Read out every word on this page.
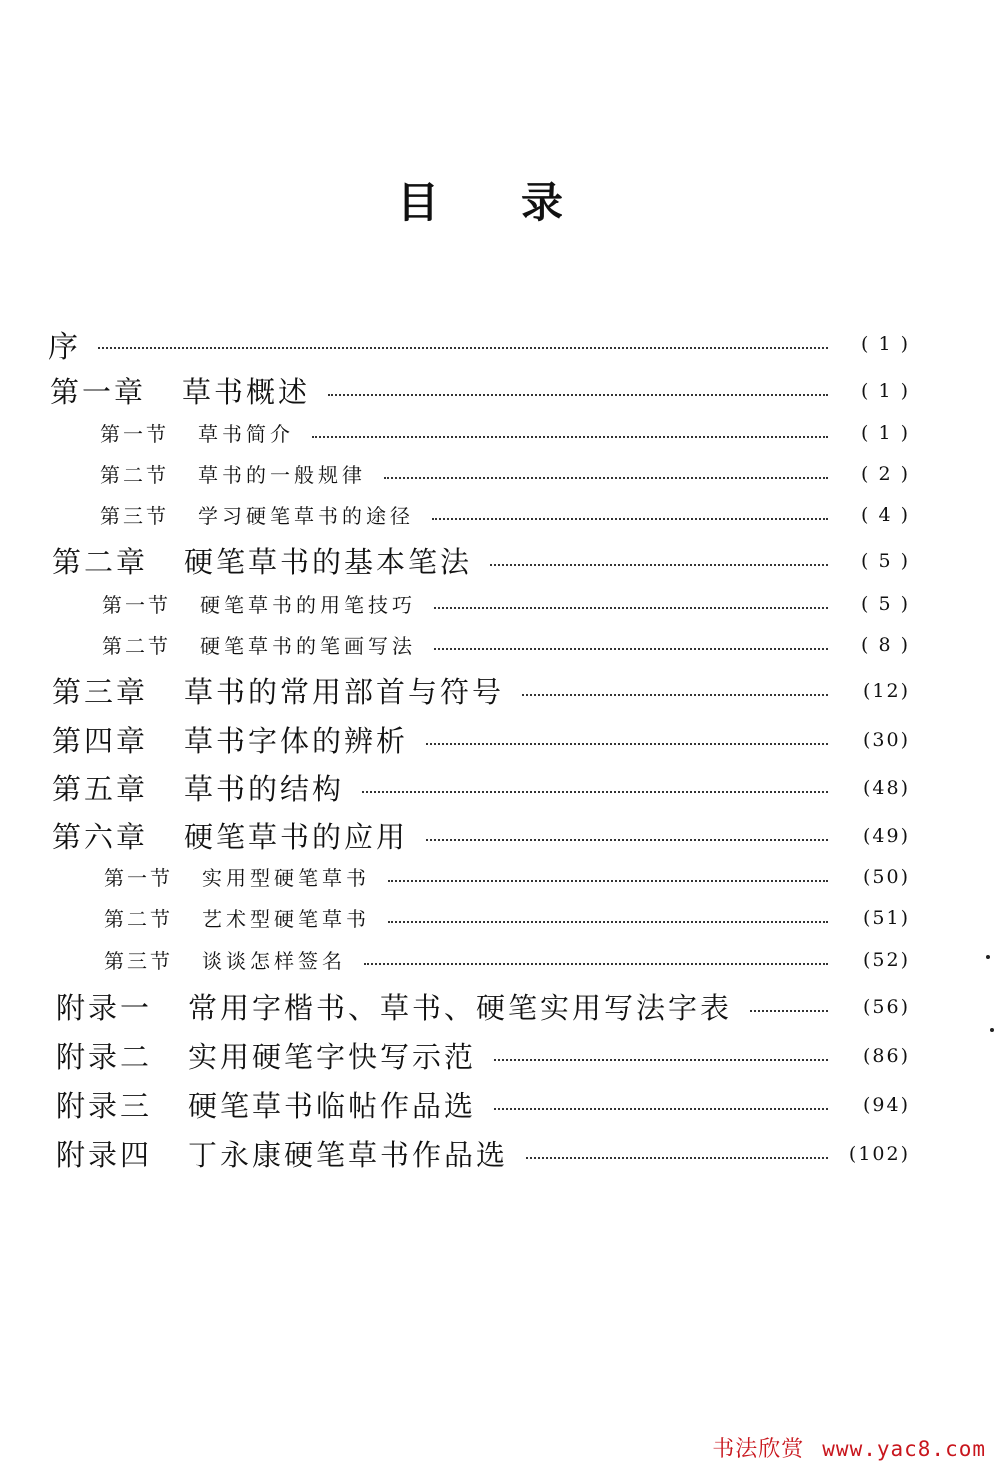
目录
序	( 1 )
第一章	草书概述	( 1 )
第一节	草书简介	( 1 )
第二节	草书的一般规律	( 2 )
第三节	学习硬笔草书的途径	( 4 )
第二章	硬笔草书的基本笔法	( 5 )
第一节	硬笔草书的用笔技巧	( 5 )
第二节	硬笔草书的笔画写法	( 8 )
第三章	草书的常用部首与符号	(12)
第四章	草书字体的辨析	(30)
第五章	草书的结构	(48)
第六章	硬笔草书的应用	(49)
第一节	实用型硬笔草书	(50)
第二节	艺术型硬笔草书	(51)
第三节	谈谈怎样签名	(52)
附录一	常用字楷书、草书、硬笔实用写法字表	(56)
附录二	实用硬笔字快写示范	(86)
附录三	硬笔草书临帖作品选	(94)
附录四	丁永康硬笔草书作品选	(102)
书法欣赏 www.yac8.com
